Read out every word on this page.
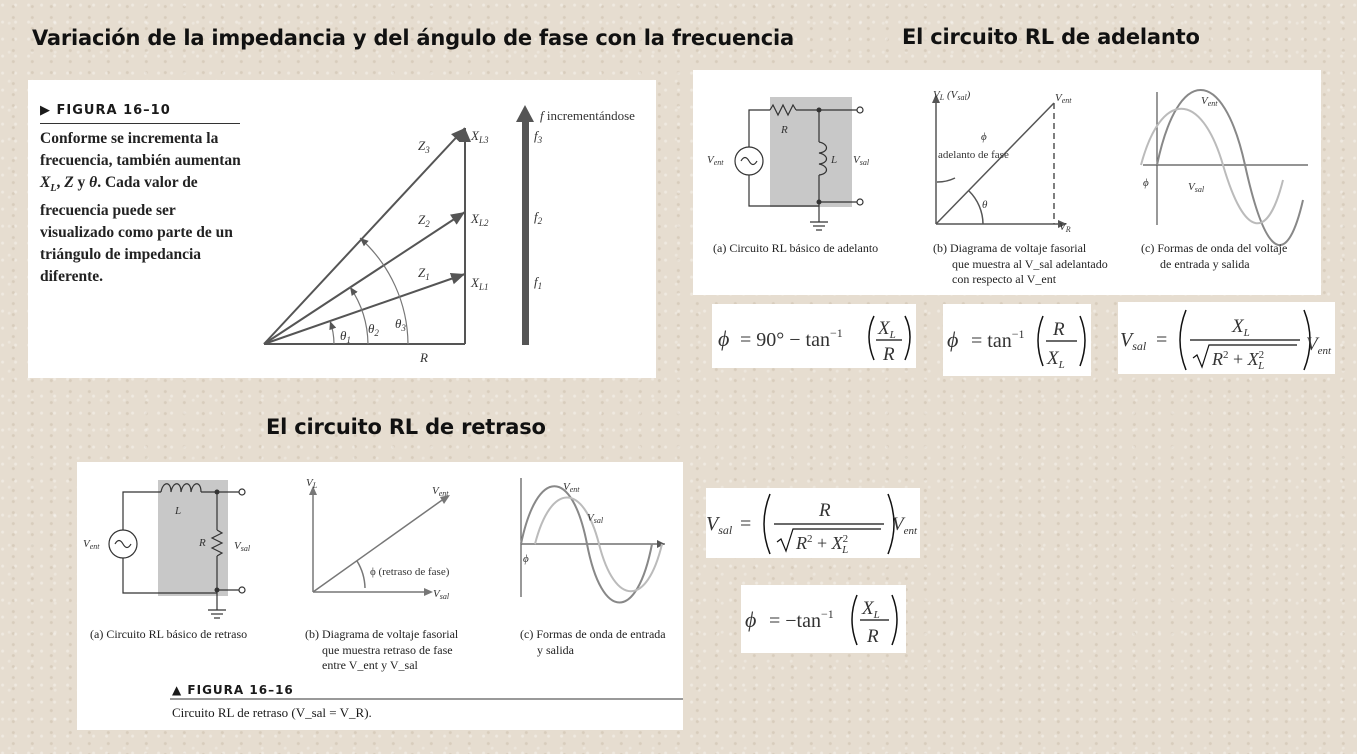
Variación de la impedancia y del ángulo de fase con la frecuencia	El circuito RL de adelanto
El circuito RL de retraso
▶ FIGURA 16–10
Conforme se incrementa la frecuencia, también aumentan $X_L$, Z y θ. Cada valor de frecuencia puede ser visualizado como parte de un triángulo de impedancia diferente.
$Z_3$
$Z_2$
$Z_1$
$X_{L3}$
$X_{L2}$
$X_{L1}$
$f_3$
$f_2$
$f_1$
f incrementándose
$\theta_1$
$\theta_2$
$\theta_3$
R
R
L
Vent	Vsal
VL (Vsal)	Vent
VR
ϕ
adelanto de fase
θ
Vent
Vsal
ϕ
(a) Circuito RL básico de adelanto	(b) Diagrama de voltaje fasorial
que muestra al V_sal adelantado
con respecto al V_ent
(c) Formas de onda del voltaje
de entrada y salida
L
R
Vent	Vsal
VL	Vent
Vsal
ϕ (retraso de fase)
Vent
Vsal
ϕ
(a) Circuito RL básico de retraso	(b) Diagrama de voltaje fasorial
que muestra retraso de fase
entre V_ent y V_sal
(c) Formas de onda de entrada
y salida
▲ FIGURA 16–16
Circuito RL de retraso (V_sal = V_R).
$\phi = 90^\circ - \tan^{-1} X_L$
R
$\phi = \tan^{-1} R$
$X_L$
$V_{sal}$ =
$X_L$
$R^2 + X^2$ L
$V_{ent}$
$V_{sal}$ =
R
$R^2 + X^2$ L
$V_{ent}$
$\phi = -\tan^{-1}$ $X_L$
R
